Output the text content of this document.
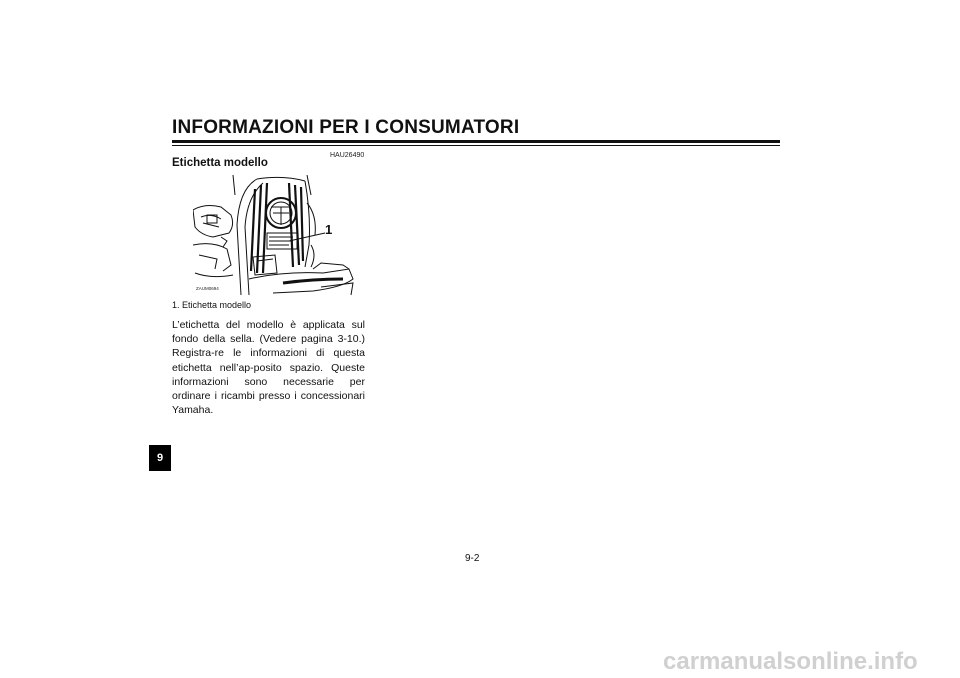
INFORMAZIONI PER I CONSUMATORI
HAU26490
Etichetta modello
1
ZAUM0694
1. Etichetta modello
L’etichetta del modello è applicata sul fondo della sella. (Vedere pagina 3-10.) Registra-re le informazioni di questa etichetta nell’ap-posito spazio. Queste informazioni sono necessarie per ordinare i ricambi presso i concessionari Yamaha.
9
9-2
carmanualsonline.info
